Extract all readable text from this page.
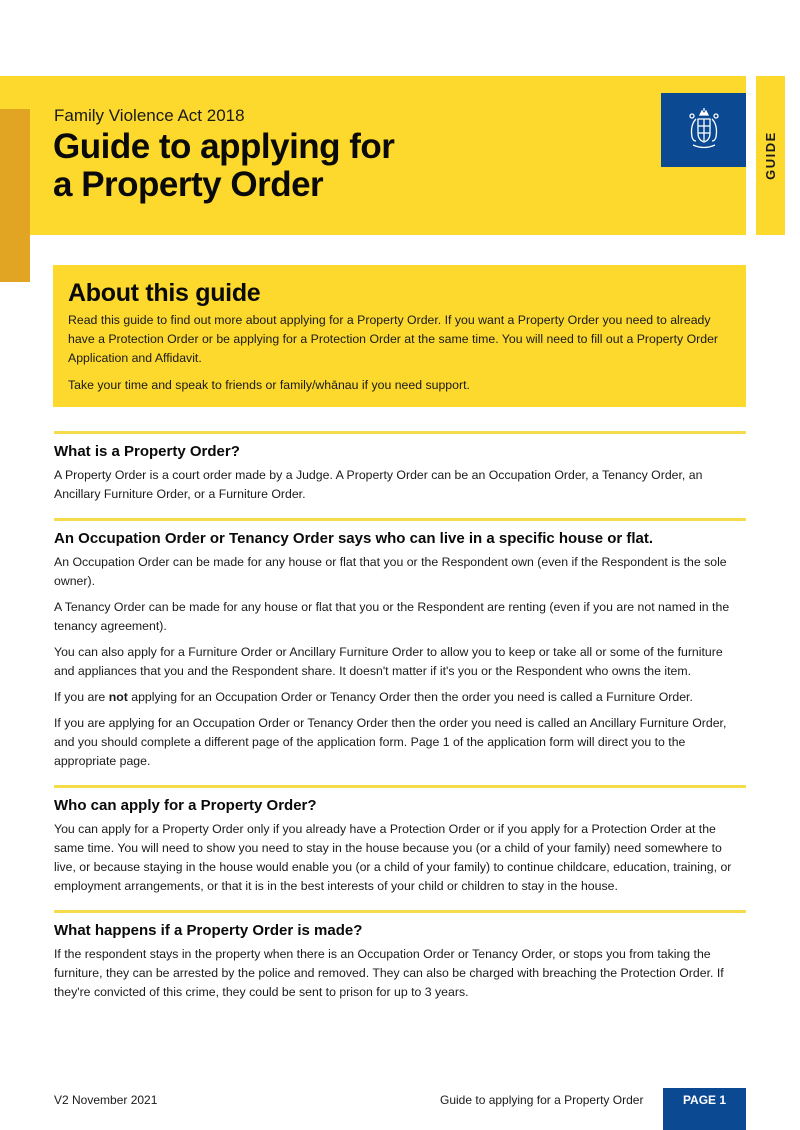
GUIDE
Family Violence Act 2018
Guide to applying for
a Property Order
About this guide

Read this guide to find out more about applying for a Property Order. If you want a Property Order you need to already have a Protection Order or be applying for a Protection Order at the same time. You will need to fill out a Property Order Application and Affidavit.

Take your time and speak to friends or family/whānau if you need support.

What is a Property Order?

A Property Order is a court order made by a Judge. A Property Order can be an Occupation Order, a Tenancy Order, an Ancillary Furniture Order, or a Furniture Order.

An Occupation Order or Tenancy Order says who can live in a specific house or flat.

An Occupation Order can be made for any house or flat that you or the Respondent own (even if the Respondent is the sole owner).

A Tenancy Order can be made for any house or flat that you or the Respondent are renting (even if you are not named in the tenancy agreement).

You can also apply for a Furniture Order or Ancillary Furniture Order to allow you to keep or take all or some of the furniture and appliances that you and the Respondent share. It doesn't matter if it's you or the Respondent who owns the item.

If you are not applying for an Occupation Order or Tenancy Order then the order you need is called a Furniture Order.

If you are applying for an Occupation Order or Tenancy Order then the order you need is called an Ancillary Furniture Order, and you should complete a different page of the application form. Page 1 of the application form will direct you to the appropriate page.

Who can apply for a Property Order?

You can apply for a Property Order only if you already have a Protection Order or if you apply for a Protection Order at the same time. You will need to show you need to stay in the house because you (or a child of your family) need somewhere to live, or because staying in the house would enable you (or a child of your family) to continue childcare, education, training, or employment arrangements, or that it is in the best interests of your child or children to stay in the house.

What happens if a Property Order is made?

If the respondent stays in the property when there is an Occupation Order or Tenancy Order, or stops you from taking the furniture, they can be arrested by the police and removed. They can also be charged with breaching the Protection Order. If they're convicted of this crime, they could be sent to prison for up to 3 years.

V2 November 2021	Guide to applying for a Property Order	PAGE 1
